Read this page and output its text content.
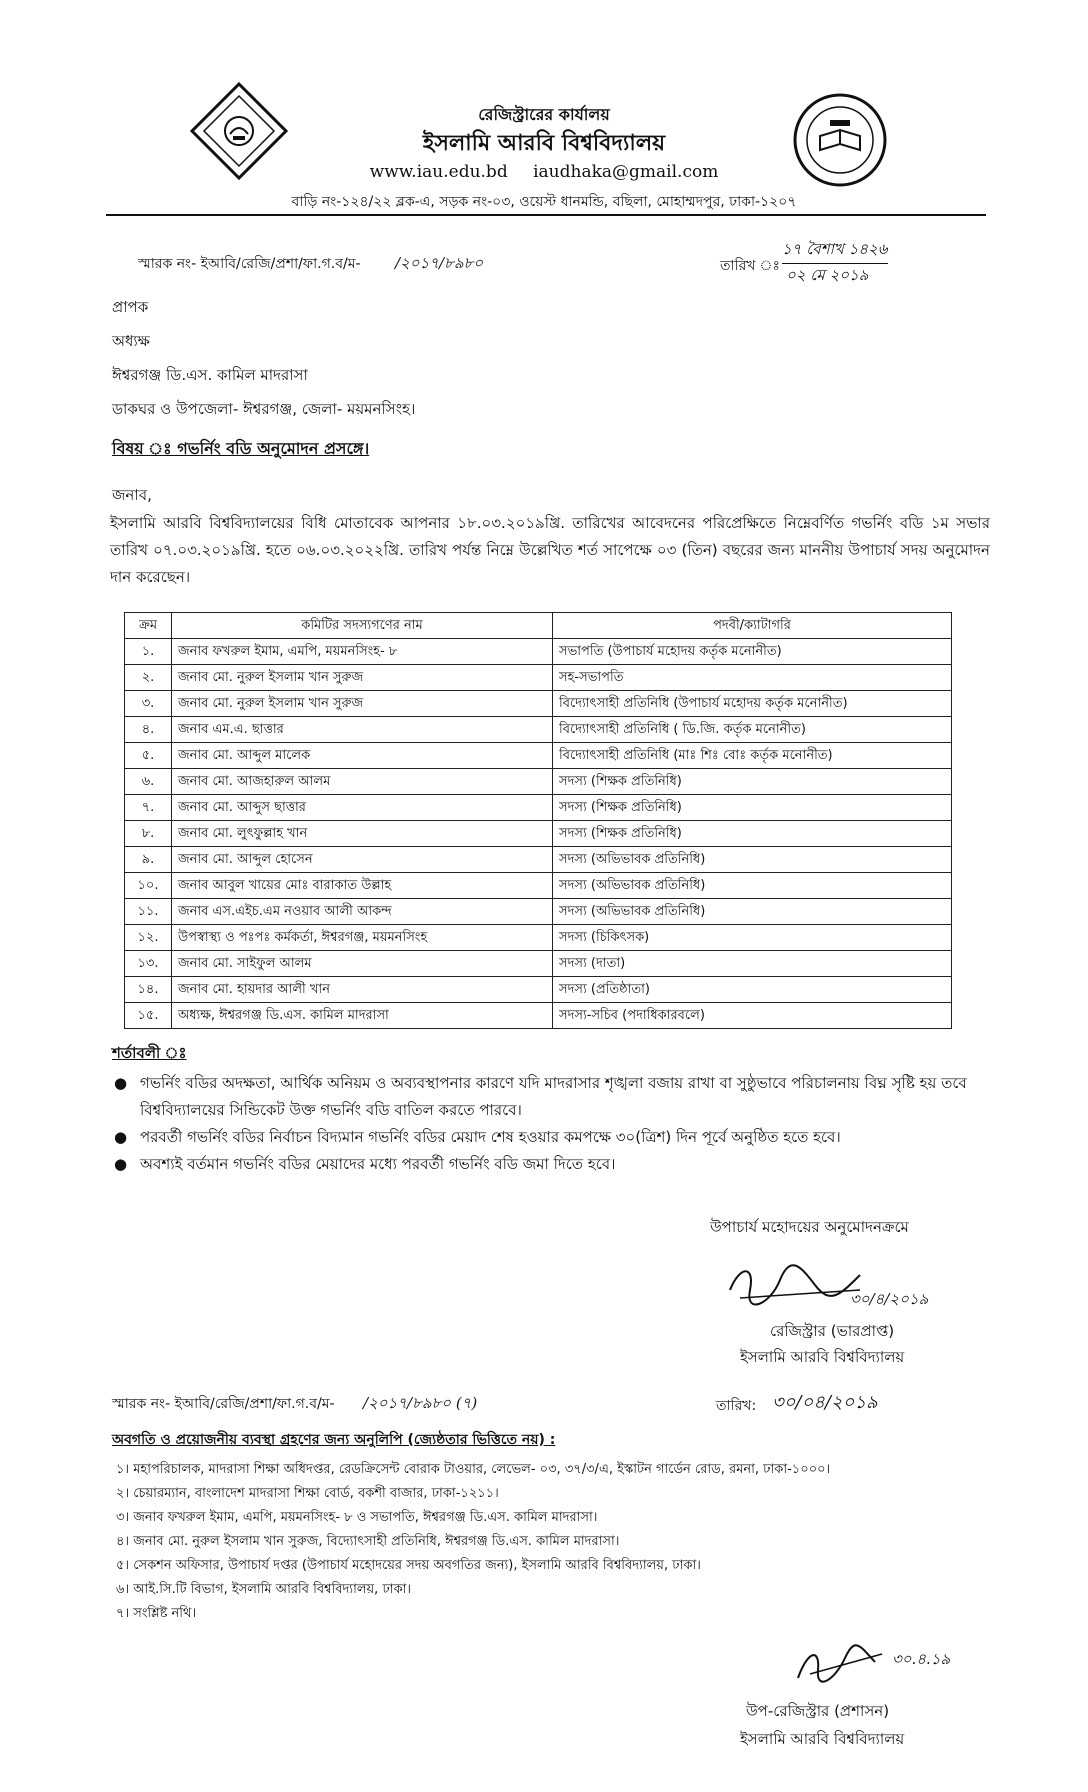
রেজিস্ট্রারের কার্যালয়
ইসলামি আরবি বিশ্ববিদ্যালয়
www.iau.edu.bd iaudhaka@gmail.com
বাড়ি নং-১২৪/২২ ব্লক-এ, সড়ক নং-০৩, ওয়েস্ট ধানমন্ডি, বছিলা, মোহাম্মদপুর, ঢাকা-১২০৭
স্মারক নং- ইআবি/রেজি/প্রশা/ফা.গ.ব/ম- /২০১৭/৮৯৮০	তারিখ ঃ
১৭ বৈশাখ ১৪২৬
০২ মে ২০১৯
প্রাপক
অধ্যক্ষ
ঈশ্বরগঞ্জ ডি.এস. কামিল মাদরাসা
ডাকঘর ও উপজেলা- ঈশ্বরগঞ্জ, জেলা- ময়মনসিংহ।
বিষয় ঃ গভর্নিং বডি অনুমোদন প্রসঙ্গে।
জনাব,
ইসলামি আরবি বিশ্ববিদ্যালয়ের বিধি মোতাবেক আপনার ১৮.০৩.২০১৯খ্রি. তারিখের আবেদনের পরিপ্রেক্ষিতে নিম্নেবর্ণিত গভর্নিং বডি ১ম সভার তারিখ ০৭.০৩.২০১৯খ্রি. হতে ০৬.০৩.২০২২খ্রি. তারিখ পর্যন্ত নিম্নে উল্লেখিত শর্ত সাপেক্ষে ০৩ (তিন) বছরের জন্য মাননীয় উপাচার্য সদয় অনুমোদন দান করেছেন।
ক্রম	কমিটির সদস্যগণের নাম	পদবী/ক্যাটাগরি
১.	জনাব ফখরুল ইমাম, এমপি, ময়মনসিংহ- ৮	সভাপতি (উপাচার্য মহোদয় কর্তৃক মনোনীত)
২.	জনাব মো. নুরুল ইসলাম খান সুরুজ	সহ-সভাপতি
৩.	জনাব মো. নুরুল ইসলাম খান সুরুজ	বিদ্যোৎসাহী প্রতিনিধি (উপাচার্য মহোদয় কর্তৃক মনোনীত)
৪.	জনাব এম.এ. ছাত্তার	বিদ্যোৎসাহী প্রতিনিধি ( ডি.জি. কর্তৃক মনোনীত)
৫.	জনাব মো. আব্দুল মালেক	বিদ্যোৎসাহী প্রতিনিধি (মাঃ শিঃ বোঃ কর্তৃক মনোনীত)
৬.	জনাব মো. আজহারুল আলম	সদস্য (শিক্ষক প্রতিনিধি)
৭.	জনাব মো. আব্দুস ছাত্তার	সদস্য (শিক্ষক প্রতিনিধি)
৮.	জনাব মো. লুৎফুল্লাহ খান	সদস্য (শিক্ষক প্রতিনিধি)
৯.	জনাব মো. আব্দুল হোসেন	সদস্য (অভিভাবক প্রতিনিধি)
১০.	জনাব আবুল খায়ের মোঃ বারাকাত উল্লাহ	সদস্য (অভিভাবক প্রতিনিধি)
১১.	জনাব এস.এইচ.এম নওয়াব আলী আকন্দ	সদস্য (অভিভাবক প্রতিনিধি)
১২.	উপস্বাস্থ্য ও পঃপঃ কর্মকর্তা, ঈশ্বরগঞ্জ, ময়মনসিংহ	সদস্য (চিকিৎসক)
১৩.	জনাব মো. সাইফুল আলম	সদস্য (দাতা)
১৪.	জনাব মো. হায়দার আলী খান	সদস্য (প্রতিষ্ঠাতা)
১৫.	অধ্যক্ষ, ঈশ্বরগঞ্জ ডি.এস. কামিল মাদরাসা	সদস্য-সচিব (পদাধিকারবলে)
শর্তাবলী ঃ
● গভর্নিং বডির অদক্ষতা, আর্থিক অনিয়ম ও অব্যবস্থাপনার কারণে যদি মাদরাসার শৃঙ্খলা বজায় রাখা বা সুষ্ঠুভাবে পরিচালনায় বিঘ্ন সৃষ্টি হয় তবে বিশ্ববিদ্যালয়ের সিন্ডিকেট উক্ত গভর্নিং বডি বাতিল করতে পারবে।
● পরবর্তী গভর্নিং বডির নির্বাচন বিদ্যমান গভর্নিং বডির মেয়াদ শেষ হওয়ার কমপক্ষে ৩০(ত্রিশ) দিন পূর্বে অনুষ্ঠিত হতে হবে।
● অবশ্যই বর্তমান গভর্নিং বডির মেয়াদের মধ্যে পরবর্তী গভর্নিং বডি জমা দিতে হবে।
উপাচার্য মহোদয়ের অনুমোদনক্রমে
৩০/৪/২০১৯
রেজিস্ট্রার (ভারপ্রাপ্ত)
ইসলামি আরবি বিশ্ববিদ্যালয়
স্মারক নং- ইআবি/রেজি/প্রশা/ফা.গ.ব/ম- /২০১৭/৮৯৮০ (৭)	তারিখ: ৩০/০৪/২০১৯
অবগতি ও প্রয়োজনীয় ব্যবস্থা গ্রহণের জন্য অনুলিপি (জ্যেষ্ঠতার ভিত্তিতে নয়) :
১। মহাপরিচালক, মাদরাসা শিক্ষা অধিদপ্তর, রেডক্রিসেন্ট বোরাক টাওয়ার, লেভেল- ০৩, ৩৭/৩/এ, ইস্কাটন গার্ডেন রোড, রমনা, ঢাকা-১০০০।
২। চেয়ারম্যান, বাংলাদেশ মাদরাসা শিক্ষা বোর্ড, বকশী বাজার, ঢাকা-১২১১।
৩। জনাব ফখরুল ইমাম, এমপি, ময়মনসিংহ- ৮ ও সভাপতি, ঈশ্বরগঞ্জ ডি.এস. কামিল মাদরাসা।
৪। জনাব মো. নুরুল ইসলাম খান সুরুজ, বিদ্যোৎসাহী প্রতিনিধি, ঈশ্বরগঞ্জ ডি.এস. কামিল মাদরাসা।
৫। সেকশন অফিসার, উপাচার্য দপ্তর (উপাচার্য মহোদয়ের সদয় অবগতির জন্য), ইসলামি আরবি বিশ্ববিদ্যালয়, ঢাকা।
৬। আই.সি.টি বিভাগ, ইসলামি আরবি বিশ্ববিদ্যালয়, ঢাকা।
৭। সংশ্লিষ্ট নথি।
৩০.৪.১৯
উপ-রেজিস্ট্রার (প্রশাসন)
ইসলামি আরবি বিশ্ববিদ্যালয়
